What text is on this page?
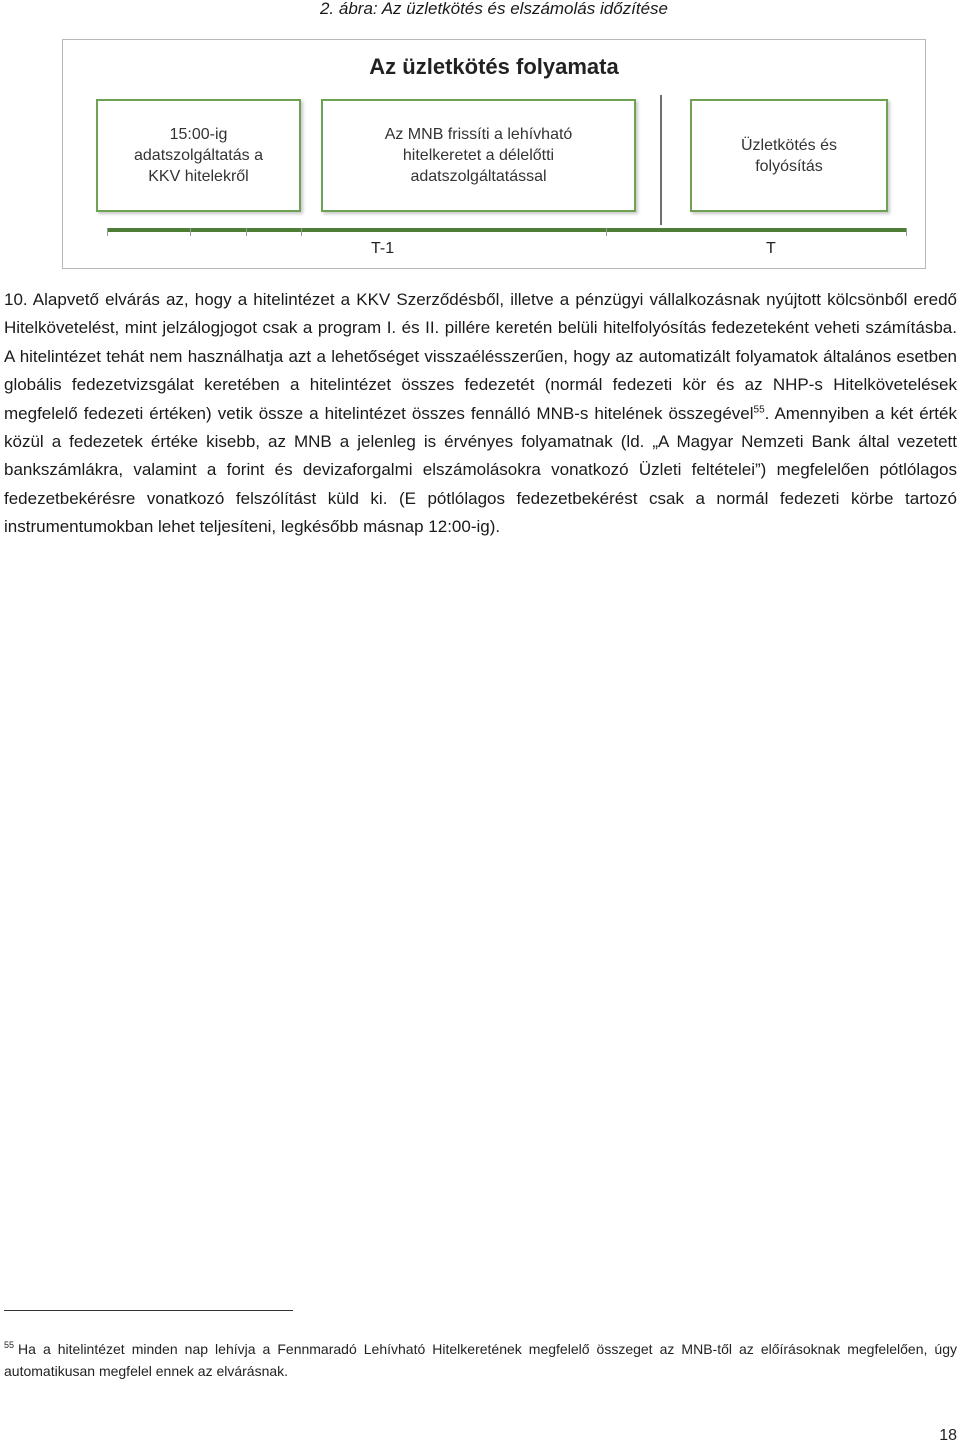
2. ábra: Az üzletkötés és elszámolás időzítése
Az üzletkötés folyamata
15:00-ig
adatszolgáltatás a
KKV hitelekről
Az MNB frissíti a lehívható
hitelkeretet a délelőtti
adatszolgáltatással
Üzletkötés és
folyósítás
T-1	T

10. Alapvető elvárás az, hogy a hitelintézet a KKV Szerződésből, illetve a pénzügyi vállalkozásnak nyújtott kölcsönből eredő Hitelkövetelést, mint jelzálogjogot csak a program I. és II. pillére keretén belüli hitelfolyósítás fedezeteként veheti számításba. A hitelintézet tehát nem használhatja azt a lehetőséget visszaélésszerűen, hogy az automatizált folyamatok általános esetben globális fedezetvizsgálat keretében a hitelintézet összes fedezetét (normál fedezeti kör és az NHP-s Hitelkövetelések megfelelő fedezeti értéken) vetik össze a hitelintézet összes fennálló MNB-s hitelének összegével$^{55}$. Amennyiben a két érték közül a fedezetek értéke kisebb, az MNB a jelenleg is érvényes folyamatnak (ld. „A Magyar Nemzeti Bank által vezetett bankszámlákra, valamint a forint és devizaforgalmi elszámolásokra vonatkozó Üzleti feltételei”) megfelelően pótlólagos fedezetbekérésre vonatkozó felszólítást küld ki. (E pótlólagos fedezetbekérést csak a normál fedezeti körbe tartozó instrumentumokban lehet teljesíteni, legkésőbb másnap 12:00-ig).

$^{55}$ Ha a hitelintézet minden nap lehívja a Fennmaradó Lehívható Hitelkeretének megfelelő összeget az MNB-től az előírásoknak megfelelően, úgy automatikusan megfelel ennek az elvárásnak.

18
